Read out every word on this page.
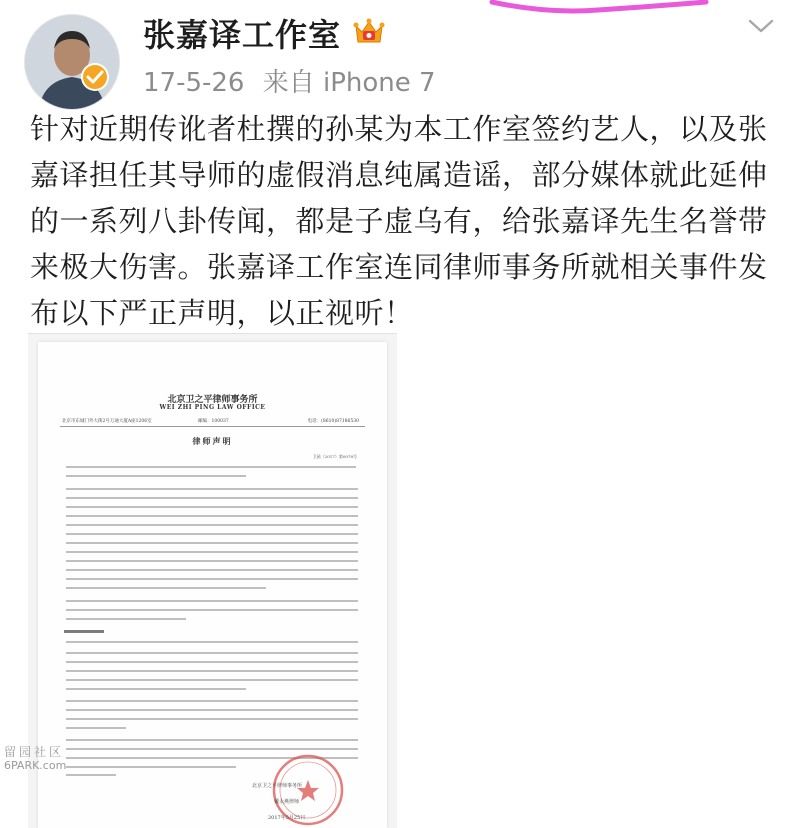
张嘉译工作室
17-5-26 来自 iPhone 7
针对近期传讹者杜撰的孙某为本工作室签约艺人，以及张嘉译担任其导师的虚假消息纯属造谣，部分媒体就此延伸的一系列八卦传闻，都是子虚乌有，给张嘉译先生名誉带来极大伤害。张嘉译工作室连同律师事务所就相关事件发布以下严正声明，以正视听！
北京卫之平律师事务所
WEI ZHI PING LAW OFFICE
北京市东城门外大街2号万通大厦A座1206室	邮编：100037	电话：(8610)87186530
律师声明
卫函（2017）第0078号
北京卫之平律师事务所
戴永燕律师
2017年5月25日
留园社区
6PARK.com
